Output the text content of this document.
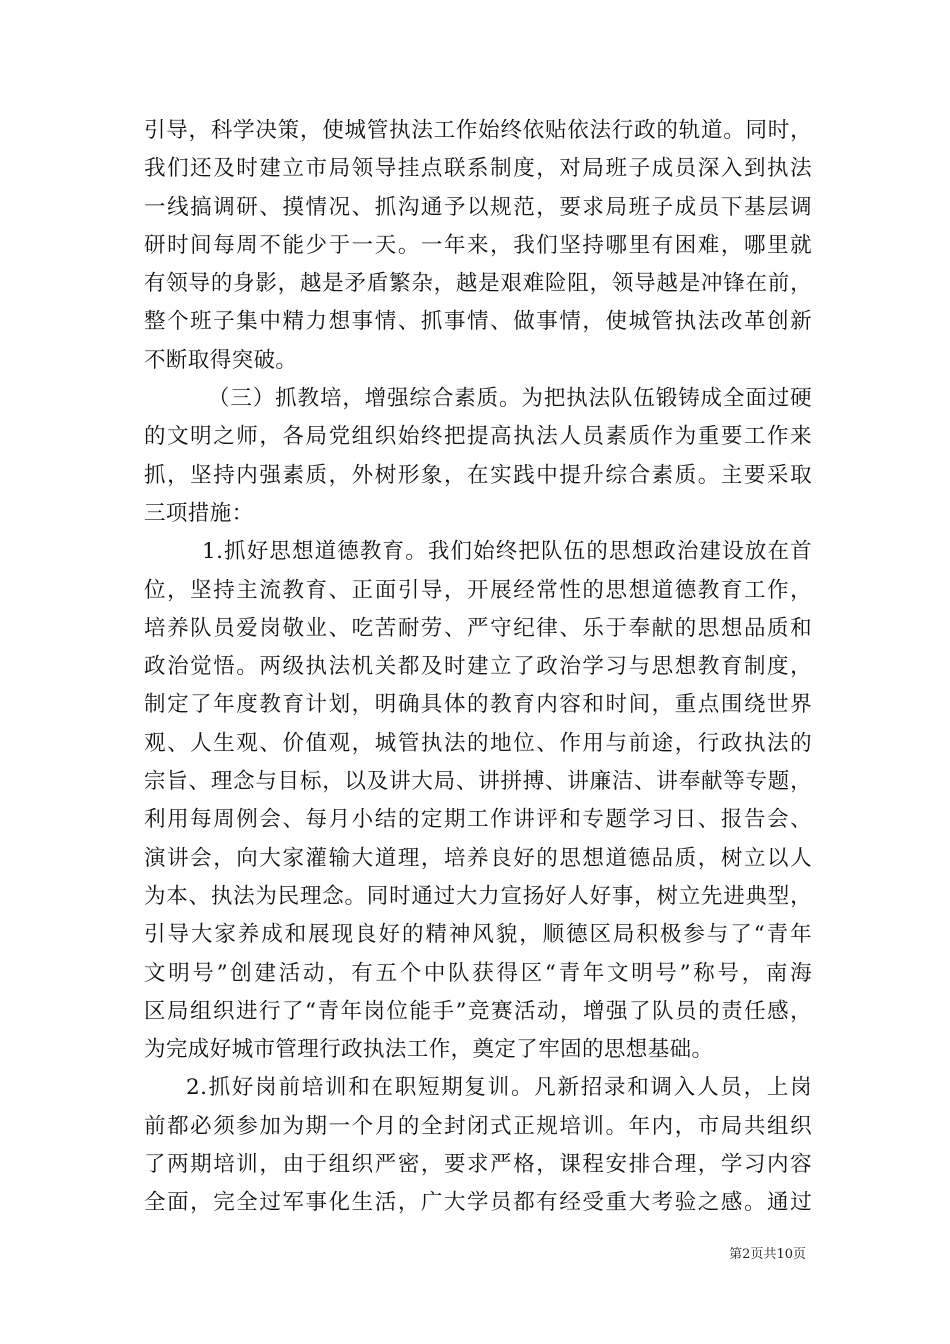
引导，科学决策，使城管执法工作始终依贴依法行政的轨道。同时，
我们还及时建立市局领导挂点联系制度，对局班子成员深入到执法
一线搞调研、摸情况、抓沟通予以规范，要求局班子成员下基层调
研时间每周不能少于一天。一年来，我们坚持哪里有困难，哪里就
有领导的身影，越是矛盾繁杂，越是艰难险阻，领导越是冲锋在前，
整个班子集中精力想事情、抓事情、做事情，使城管执法改革创新
不断取得突破。
（三）抓教培，增强综合素质。为把执法队伍锻铸成全面过硬
的文明之师，各局党组织始终把提高执法人员素质作为重要工作来
抓，坚持内强素质，外树形象，在实践中提升综合素质。主要采取
三项措施：
1.抓好思想道德教育。我们始终把队伍的思想政治建设放在首
位，坚持主流教育、正面引导，开展经常性的思想道德教育工作，
培养队员爱岗敬业、吃苦耐劳、严守纪律、乐于奉献的思想品质和
政治觉悟。两级执法机关都及时建立了政治学习与思想教育制度，
制定了年度教育计划，明确具体的教育内容和时间，重点围绕世界
观、人生观、价值观，城管执法的地位、作用与前途，行政执法的
宗旨、理念与目标，以及讲大局、讲拼搏、讲廉洁、讲奉献等专题，
利用每周例会、每月小结的定期工作讲评和专题学习日、报告会、
演讲会，向大家灌输大道理，培养良好的思想道德品质，树立以人
为本、执法为民理念。同时通过大力宣扬好人好事，树立先进典型，
引导大家养成和展现良好的精神风貌，顺德区局积极参与了“青年
文明号”创建活动，有五个中队获得区“青年文明号”称号，南海
区局组织进行了“青年岗位能手”竞赛活动，增强了队员的责任感，
为完成好城市管理行政执法工作，奠定了牢固的思想基础。
2.抓好岗前培训和在职短期复训。凡新招录和调入人员，上岗
前都必须参加为期一个月的全封闭式正规培训。年内，市局共组织
了两期培训，由于组织严密，要求严格，课程安排合理，学习内容
全面，完全过军事化生活，广大学员都有经受重大考验之感。通过
第2页共10页
